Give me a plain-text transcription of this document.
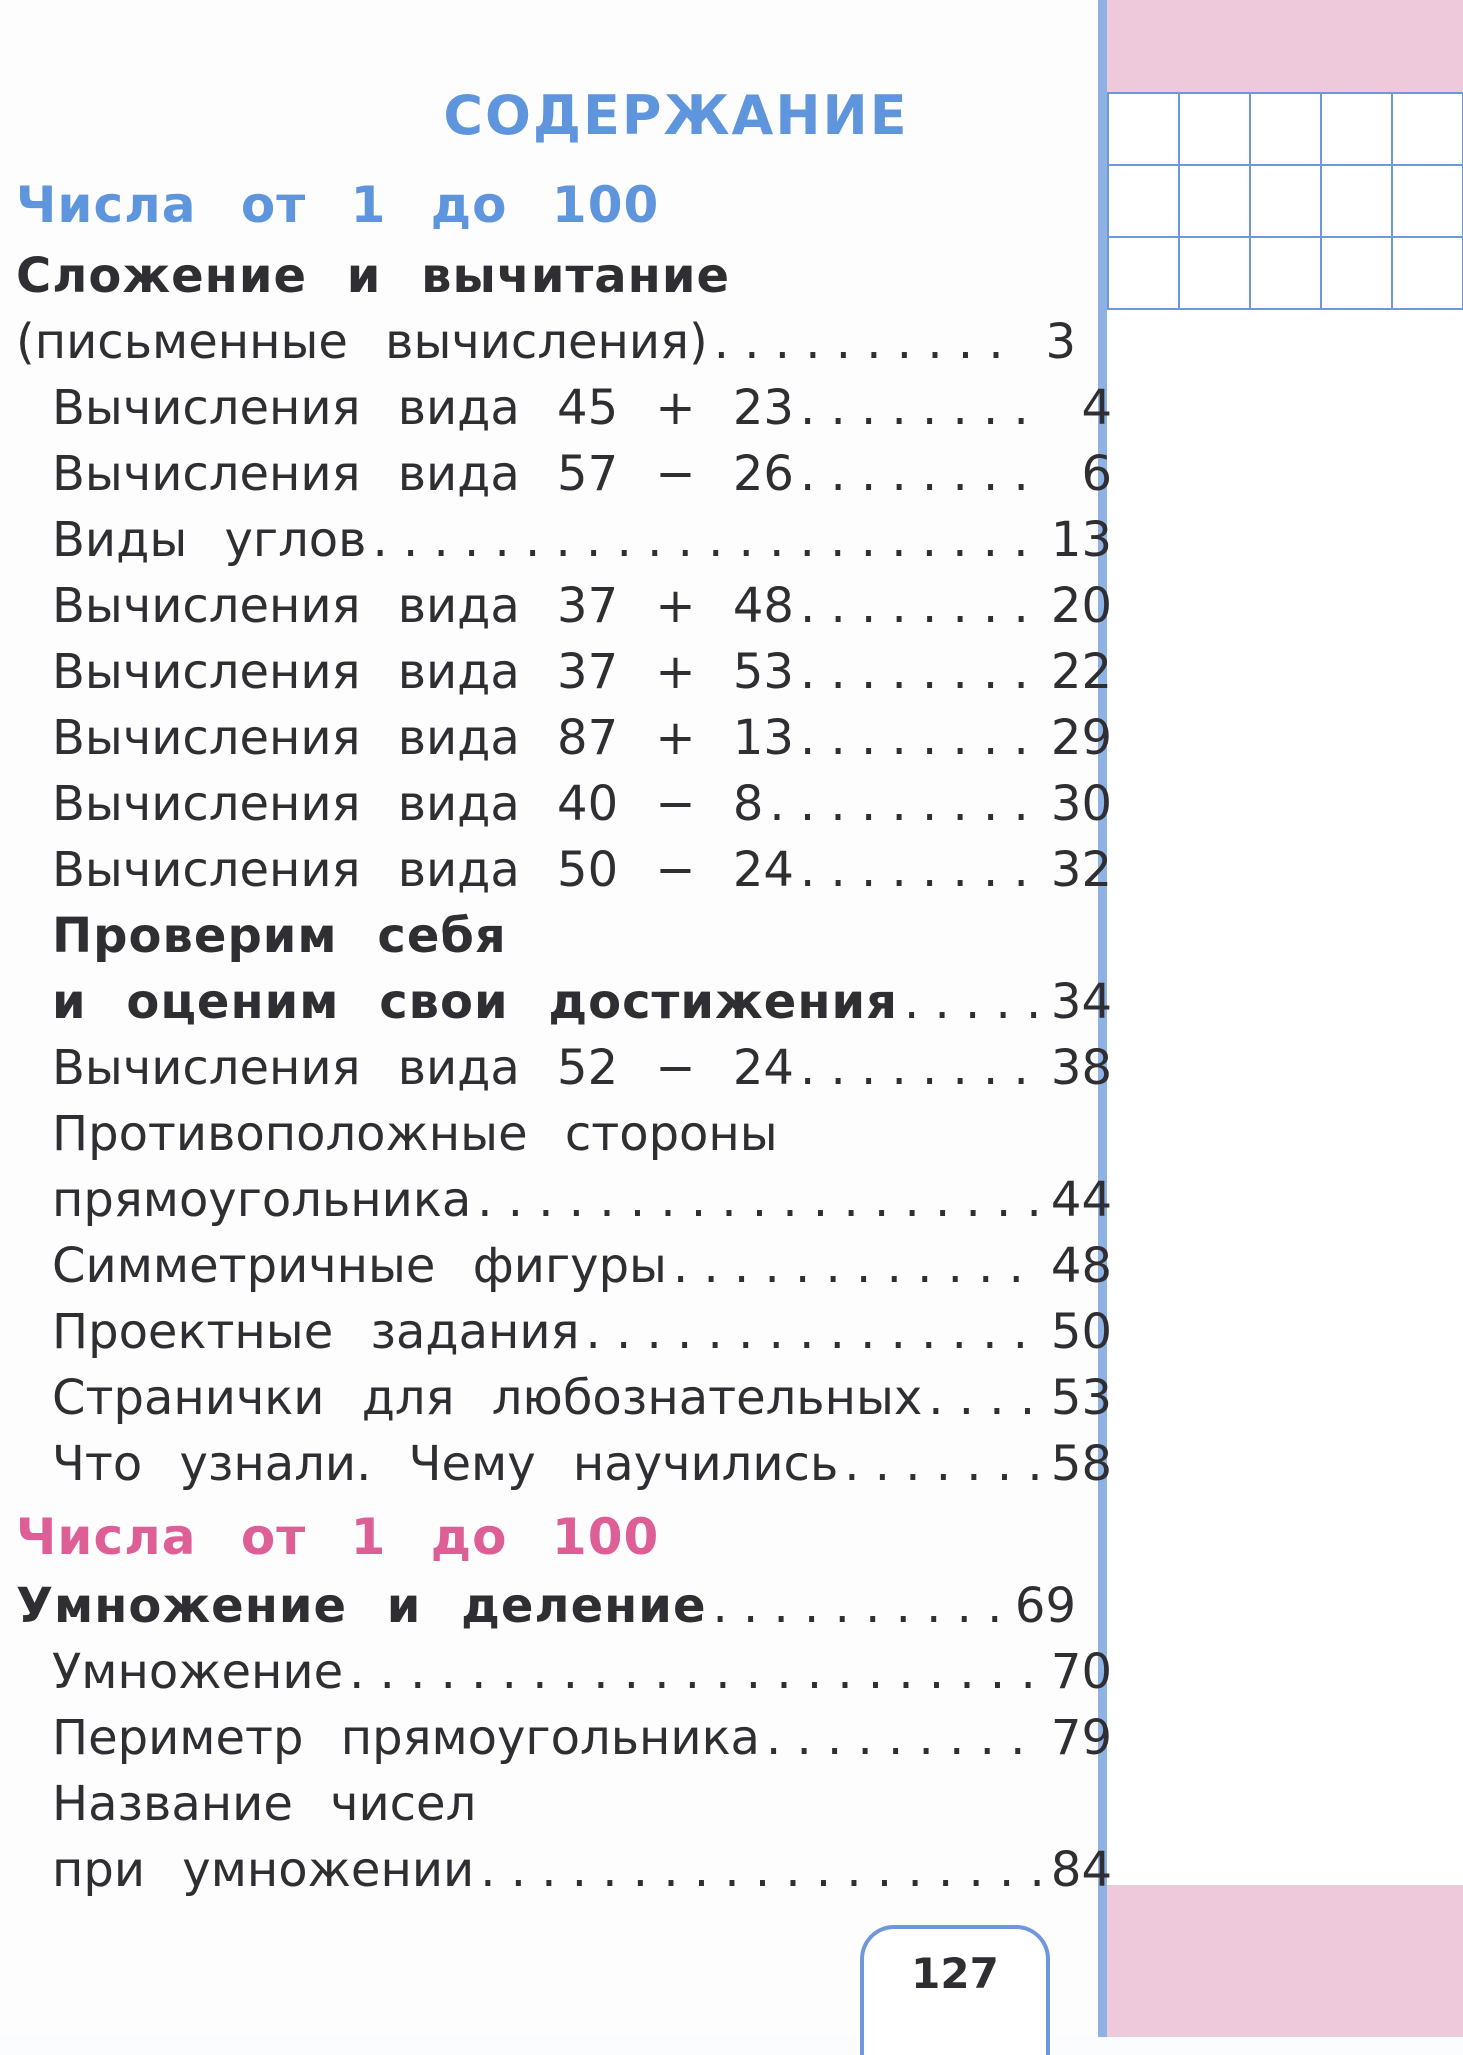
СОДЕРЖАНИЕ
Числа от 1 до 100
Числа от 1 до 100
Сложение и вычитание
(письменные вычисления) . . .	3
Вычисления вида 45 + 23 . . .	4
Вычисления вида 57 − 26 . . .	6
Виды углов . . .	13
Вычисления вида 37 + 48 . . .	20
Вычисления вида 37 + 53 . . .	22
Вычисления вида 87 + 13 . . .	29
Вычисления вида 40 − 8 . . .	30
Вычисления вида 50 − 24 . . .	32
Проверим себя
и оценим свои достижения . . .	34
Вычисления вида 52 − 24 . . .	38
Противоположные стороны
прямоугольника . . .	44
Симметричные фигуры . . .	48
Проектные задания . . .	50
Странички для любознательных . . .	53
Что узнали. Чему научились . . .	58
Умножение и деление . . .	69
Умножение . . .	70
Периметр прямоугольника . . .	79
Название чисел
при умножении . . .	84
127
